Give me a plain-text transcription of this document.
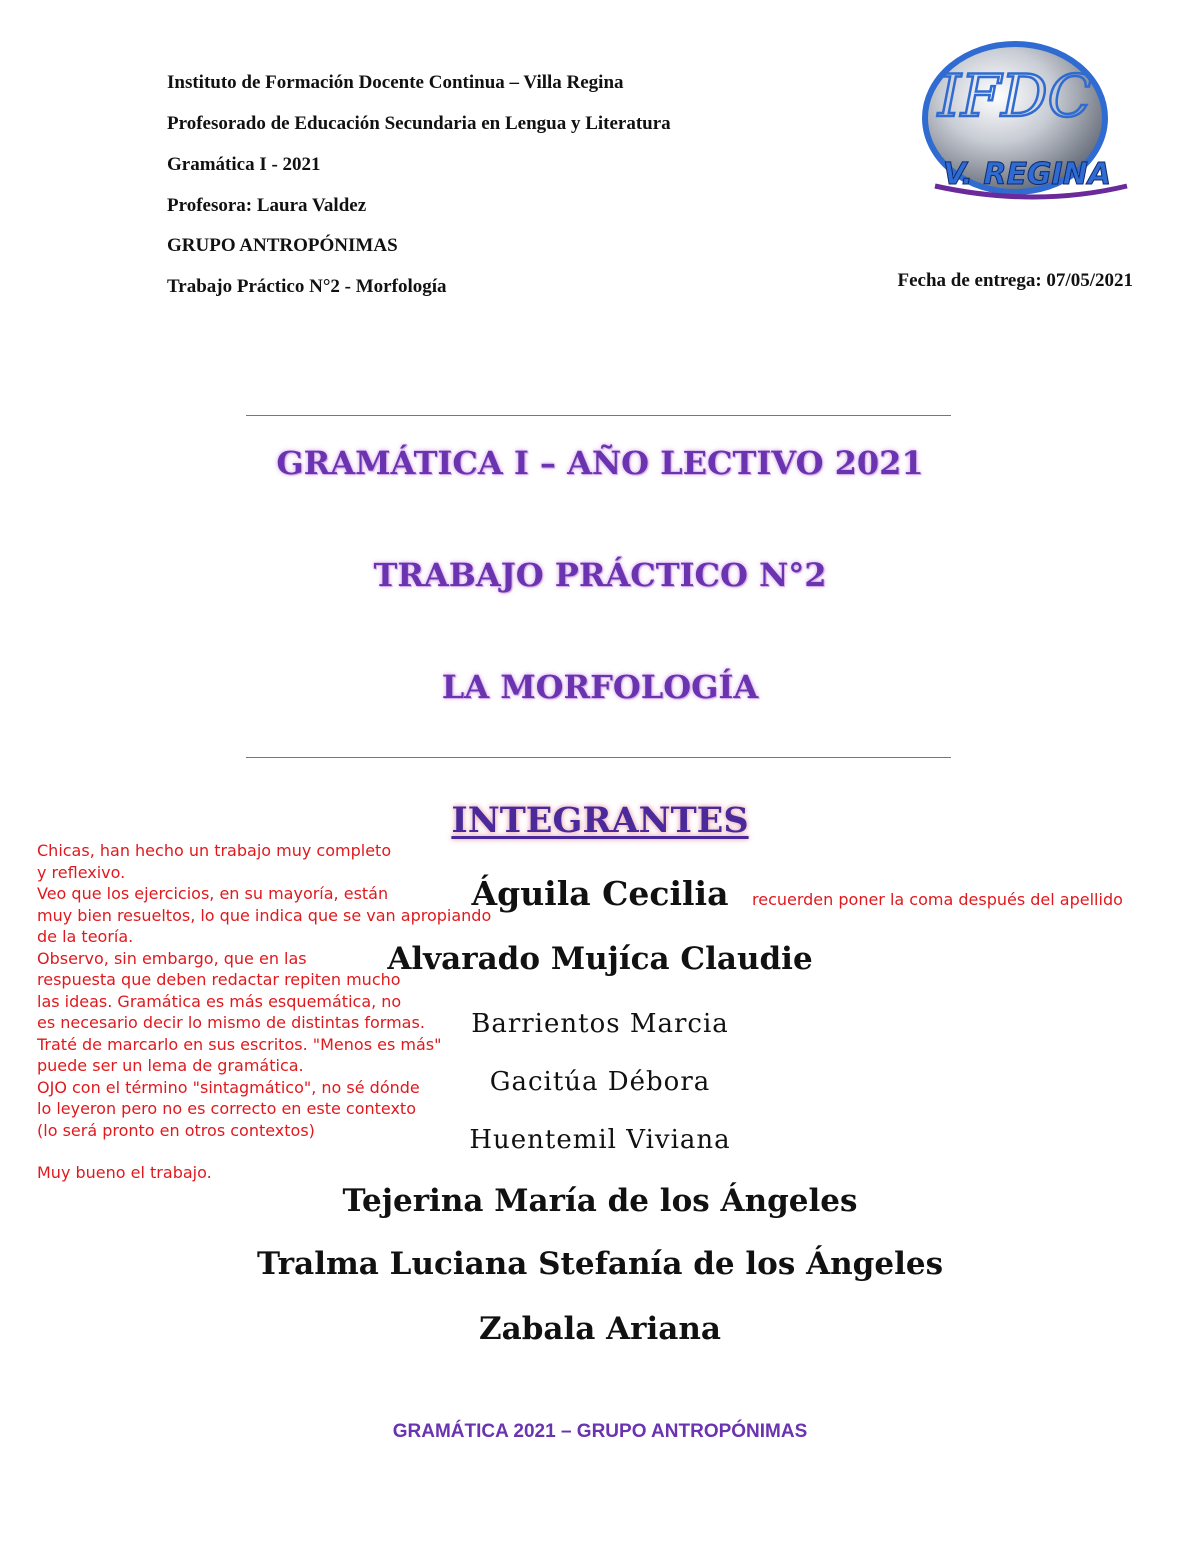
Instituto de Formación Docente Continua – Villa Regina
Profesorado de Educación Secundaria en Lengua y Literatura
Gramática I - 2021
Profesora: Laura Valdez
GRUPO ANTROPÓNIMAS
Trabajo Práctico N°2 - Morfología	Fecha de entrega: 07/05/2021
IFDC
V. REGINA
GRAMÁTICA I – AÑO LECTIVO 2021
TRABAJO PRÁCTICO N°2
LA MORFOLOGÍA
INTEGRANTES
Águila Cecilia
Alvarado Mujíca Claudie
Barrientos Marcia
Gacitúa Débora
Huentemil Viviana
Tejerina María de los Ángeles
Tralma Luciana Stefanía de los Ángeles
Zabala Ariana
Chicas, han hecho un trabajo muy completo
y reflexivo.
Veo que los ejercicios, en su mayoría, están
muy bien resueltos, lo que indica que se van apropiando
de la teoría.
Observo, sin embargo, que en las
respuesta que deben redactar repiten mucho
las ideas. Gramática es más esquemática, no
es necesario decir lo mismo de distintas formas.
Traté de marcarlo en sus escritos. "Menos es más"
puede ser un lema de gramática.
OJO con el término "sintagmático", no sé dónde
lo leyeron pero no es correcto en este contexto
(lo será pronto en otros contextos)
Muy bueno el trabajo.
recuerden poner la coma después del apellido
GRAMÁTICA 2021 – GRUPO ANTROPÓNIMAS
